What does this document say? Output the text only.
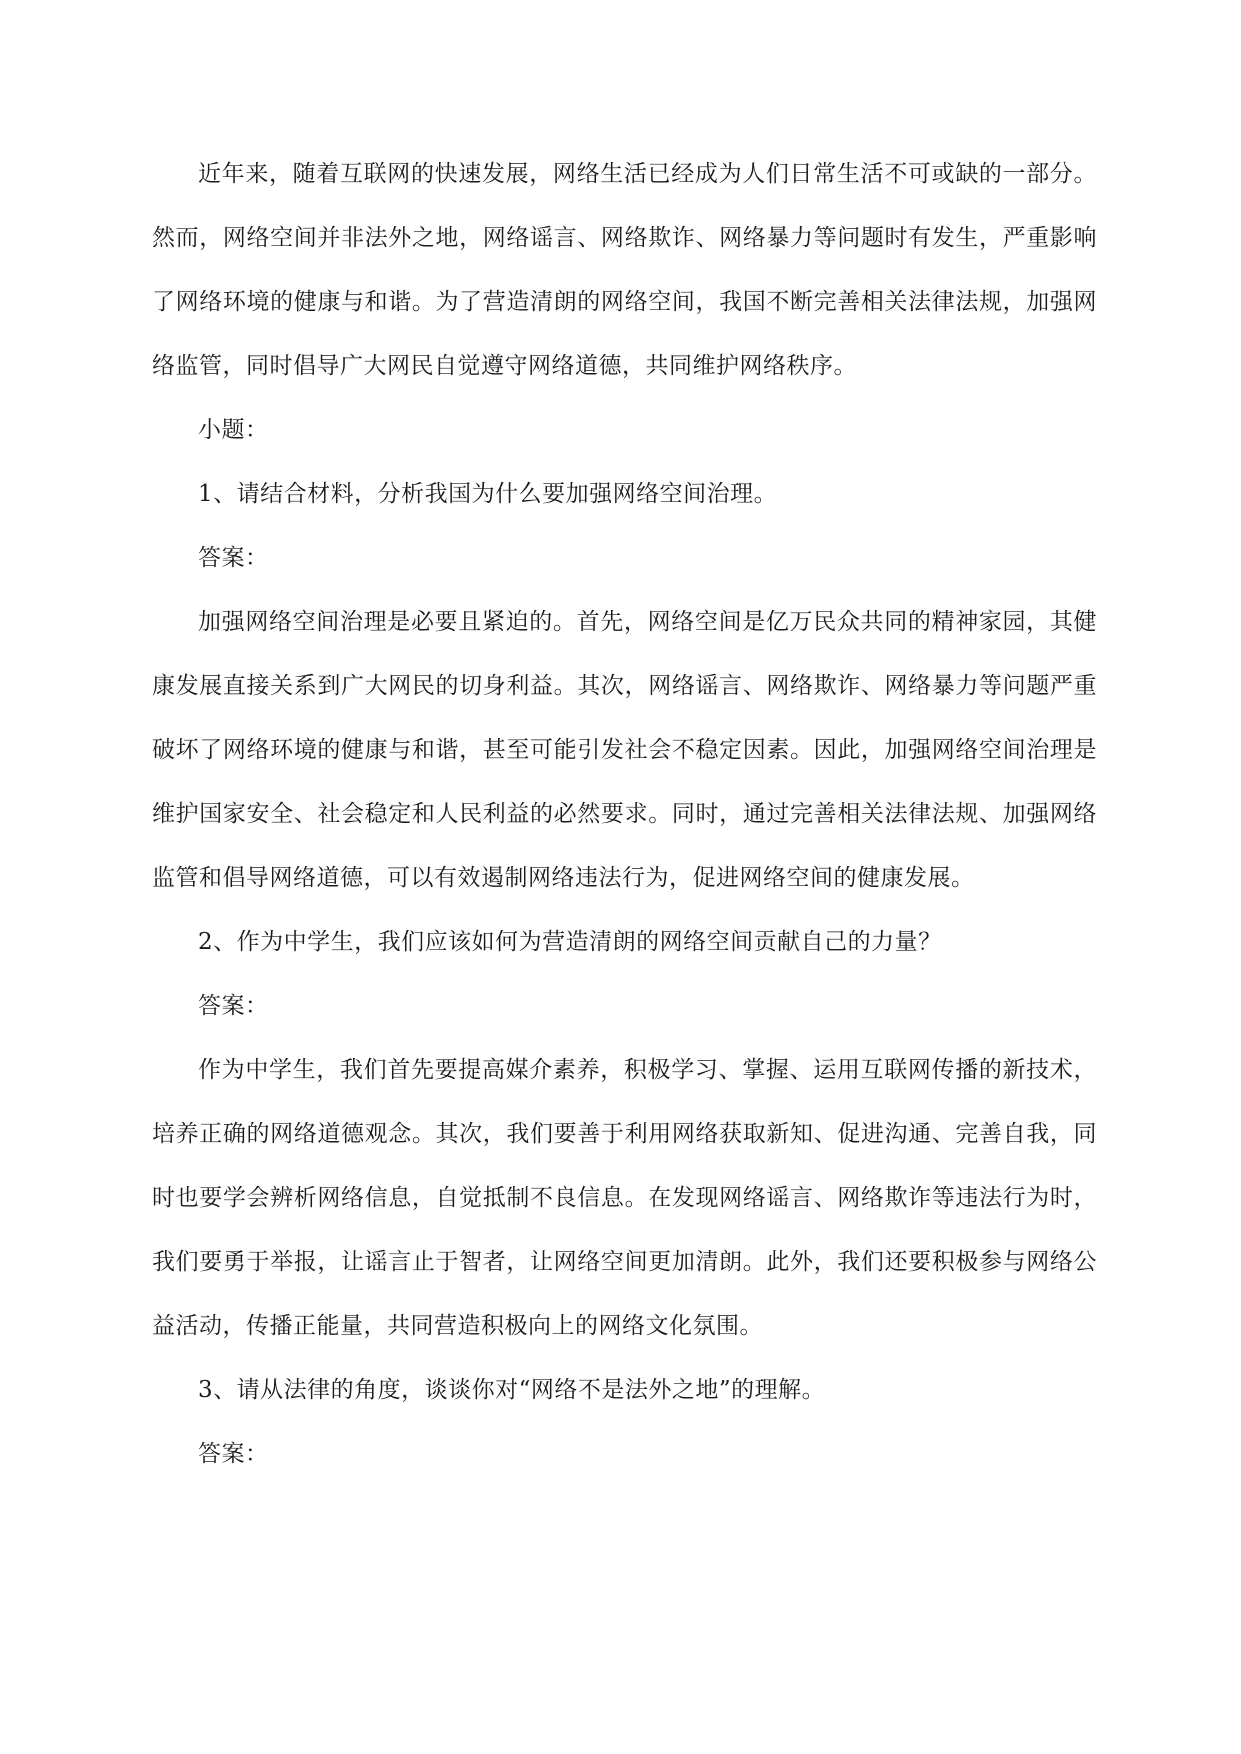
近年来，随着互联网的快速发展，网络生活已经成为人们日常生活不可或缺的一部分。然而，网络空间并非法外之地，网络谣言、网络欺诈、网络暴力等问题时有发生，严重影响了网络环境的健康与和谐。为了营造清朗的网络空间，我国不断完善相关法律法规，加强网络监管，同时倡导广大网民自觉遵守网络道德，共同维护网络秩序。

小题：

1、请结合材料，分析我国为什么要加强网络空间治理。

答案：

加强网络空间治理是必要且紧迫的。首先，网络空间是亿万民众共同的精神家园，其健康发展直接关系到广大网民的切身利益。其次，网络谣言、网络欺诈、网络暴力等问题严重破坏了网络环境的健康与和谐，甚至可能引发社会不稳定因素。因此，加强网络空间治理是维护国家安全、社会稳定和人民利益的必然要求。同时，通过完善相关法律法规、加强网络监管和倡导网络道德，可以有效遏制网络违法行为，促进网络空间的健康发展。

2、作为中学生，我们应该如何为营造清朗的网络空间贡献自己的力量？

答案：

作为中学生，我们首先要提高媒介素养，积极学习、掌握、运用互联网传播的新技术，培养正确的网络道德观念。其次，我们要善于利用网络获取新知、促进沟通、完善自我，同时也要学会辨析网络信息，自觉抵制不良信息。在发现网络谣言、网络欺诈等违法行为时，我们要勇于举报，让谣言止于智者，让网络空间更加清朗。此外，我们还要积极参与网络公益活动，传播正能量，共同营造积极向上的网络文化氛围。

3、请从法律的角度，谈谈你对“网络不是法外之地”的理解。

答案：
